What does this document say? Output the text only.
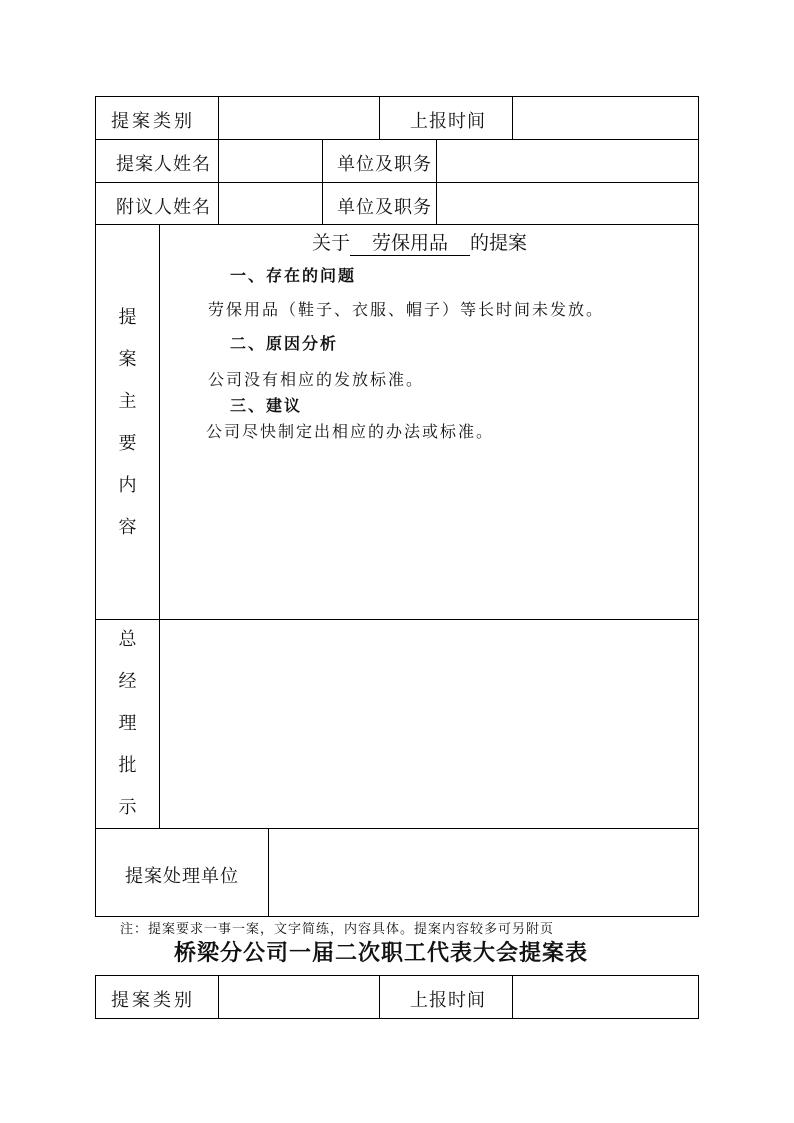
提案类别	上报时间
提案人姓名	单位及职务
附议人姓名	单位及职务
提
案
主
要
内
容
关于 劳保用品 的提案
一、存在的问题
劳保用品（鞋子、衣服、帽子）等长时间未发放。
二、原因分析
公司没有相应的发放标准。
三、建议
公司尽快制定出相应的办法或标准。
总
经
理
批
示
提案处理单位
注：提案要求一事一案，文字简练，内容具体。提案内容较多可另附页
桥梁分公司一届二次职工代表大会提案表
提案类别	上报时间
